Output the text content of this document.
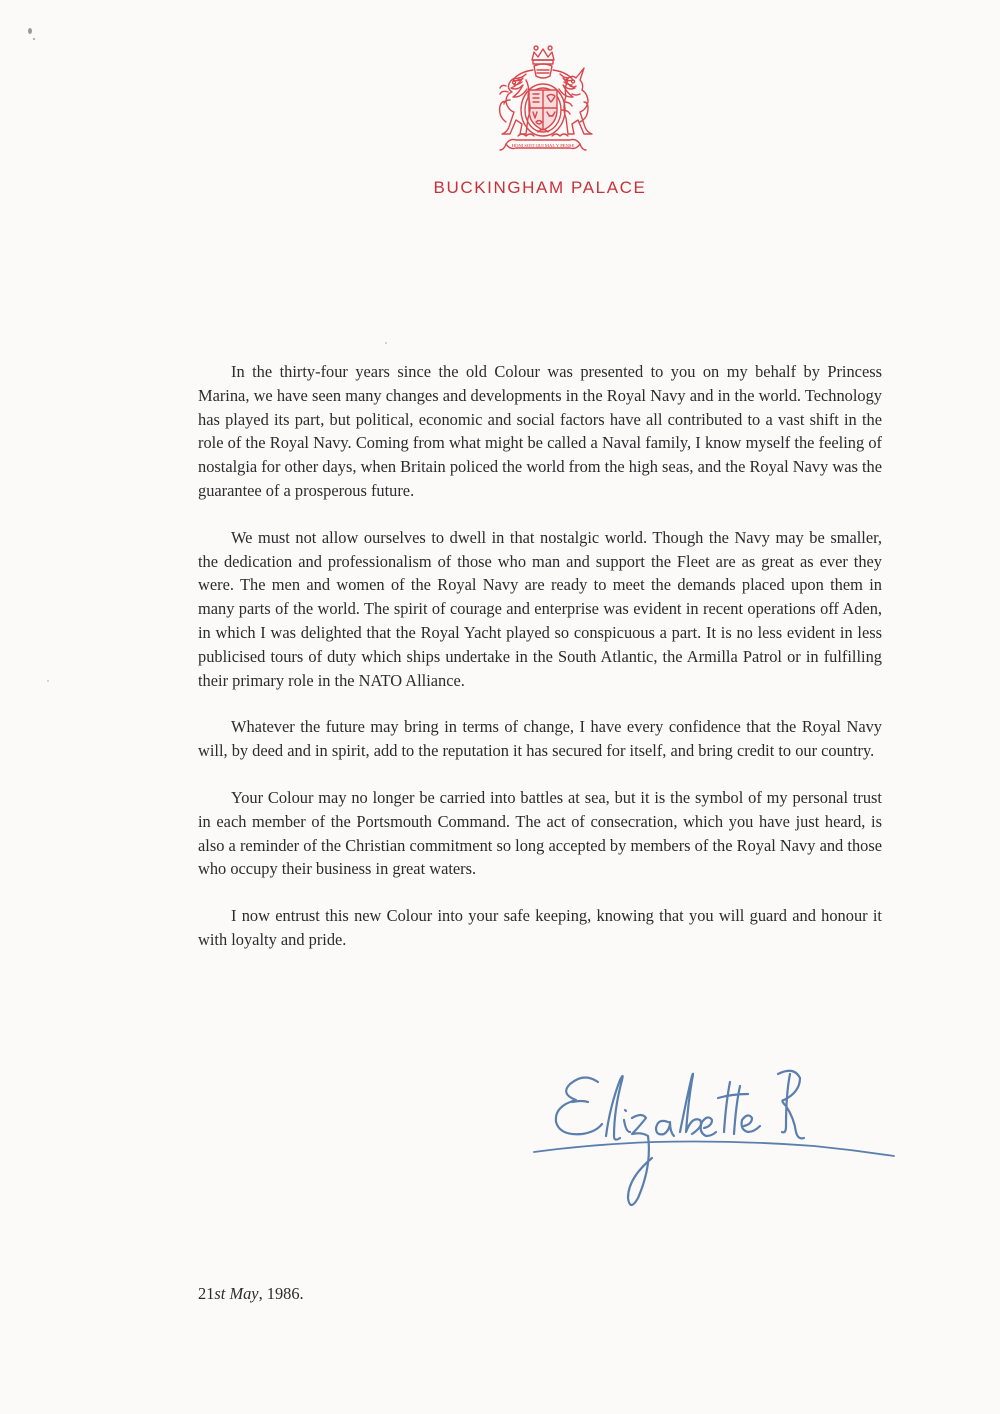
HONI SOIT QUI MAL Y PENSE
BUCKINGHAM PALACE

In the thirty-four years since the old Colour was presented to you on my behalf by Princess Marina, we have seen many changes and developments in the Royal Navy and in the world. Technology has played its part, but political, economic and social factors have all contributed to a vast shift in the role of the Royal Navy. Coming from what might be called a Naval family, I know myself the feeling of nostalgia for other days, when Britain policed the world from the high seas, and the Royal Navy was the guarantee of a prosperous future.

We must not allow ourselves to dwell in that nostalgic world. Though the Navy may be smaller, the dedication and professionalism of those who man and support the Fleet are as great as ever they were. The men and women of the Royal Navy are ready to meet the demands placed upon them in many parts of the world. The spirit of courage and enterprise was evident in recent operations off Aden, in which I was delighted that the Royal Yacht played so conspicuous a part. It is no less evident in less publicised tours of duty which ships undertake in the South Atlantic, the Armilla Patrol or in fulfilling their primary role in the NATO Alliance.

Whatever the future may bring in terms of change, I have every confidence that the Royal Navy will, by deed and in spirit, add to the reputation it has secured for itself, and bring credit to our country.

Your Colour may no longer be carried into battles at sea, but it is the symbol of my personal trust in each member of the Portsmouth Command. The act of consecration, which you have just heard, is also a reminder of the Christian commitment so long accepted by members of the Royal Navy and those who occupy their business in great waters.

I now entrust this new Colour into your safe keeping, knowing that you will guard and honour it with loyalty and pride.

21st May, 1986.
